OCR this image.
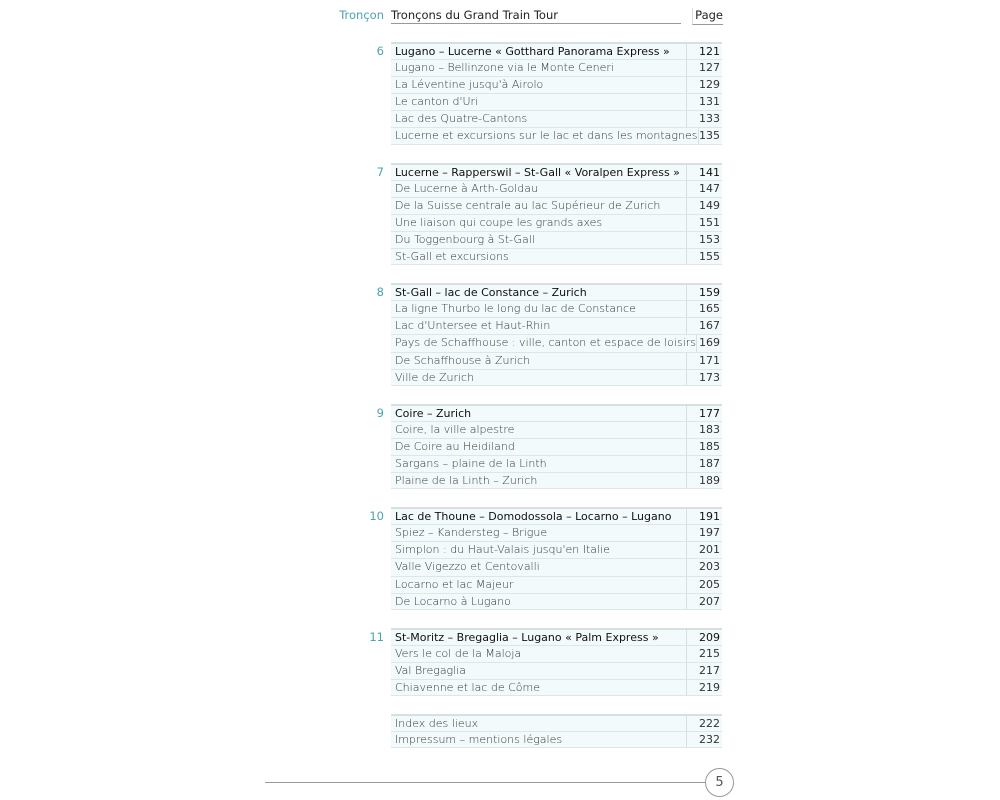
Tronçon Tronçons du Grand Train Tour	Page
6	Lugano – Lucerne « Gotthard Panorama Express »	121
Lugano – Bellinzone via le Monte Ceneri	127
La Léventine jusqu'à Airolo	129
Le canton d'Uri	131
Lac des Quatre-Cantons	133
Lucerne et excursions sur le lac et dans les montagnes 135
7	Lucerne – Rapperswil – St-Gall « Voralpen Express »	141
De Lucerne à Arth-Goldau	147
De la Suisse centrale au lac Supérieur de Zurich	149
Une liaison qui coupe les grands axes	151
Du Toggenbourg à St-Gall	153
St-Gall et excursions	155
8	St-Gall – lac de Constance – Zurich	159
La ligne Thurbo le long du lac de Constance	165
Lac d'Untersee et Haut-Rhin	167
Pays de Schaffhouse : ville, canton et espace de loisirs 169
De Schaffhouse à Zurich	171
Ville de Zurich	173
9	Coire – Zurich	177
Coire, la ville alpestre	183
De Coire au Heidiland	185
Sargans – plaine de la Linth	187
Plaine de la Linth – Zurich	189
10	Lac de Thoune – Domodossola – Locarno – Lugano	191
Spiez – Kandersteg – Brigue	197
Simplon : du Haut-Valais jusqu'en Italie	201
Valle Vigezzo et Centovalli	203
Locarno et lac Majeur	205
De Locarno à Lugano	207
11	St-Moritz – Bregaglia – Lugano « Palm Express »	209
Vers le col de la Maloja	215
Val Bregaglia	217
Chiavenne et lac de Côme	219
Index des lieux	222
Impressum – mentions légales	232
5
